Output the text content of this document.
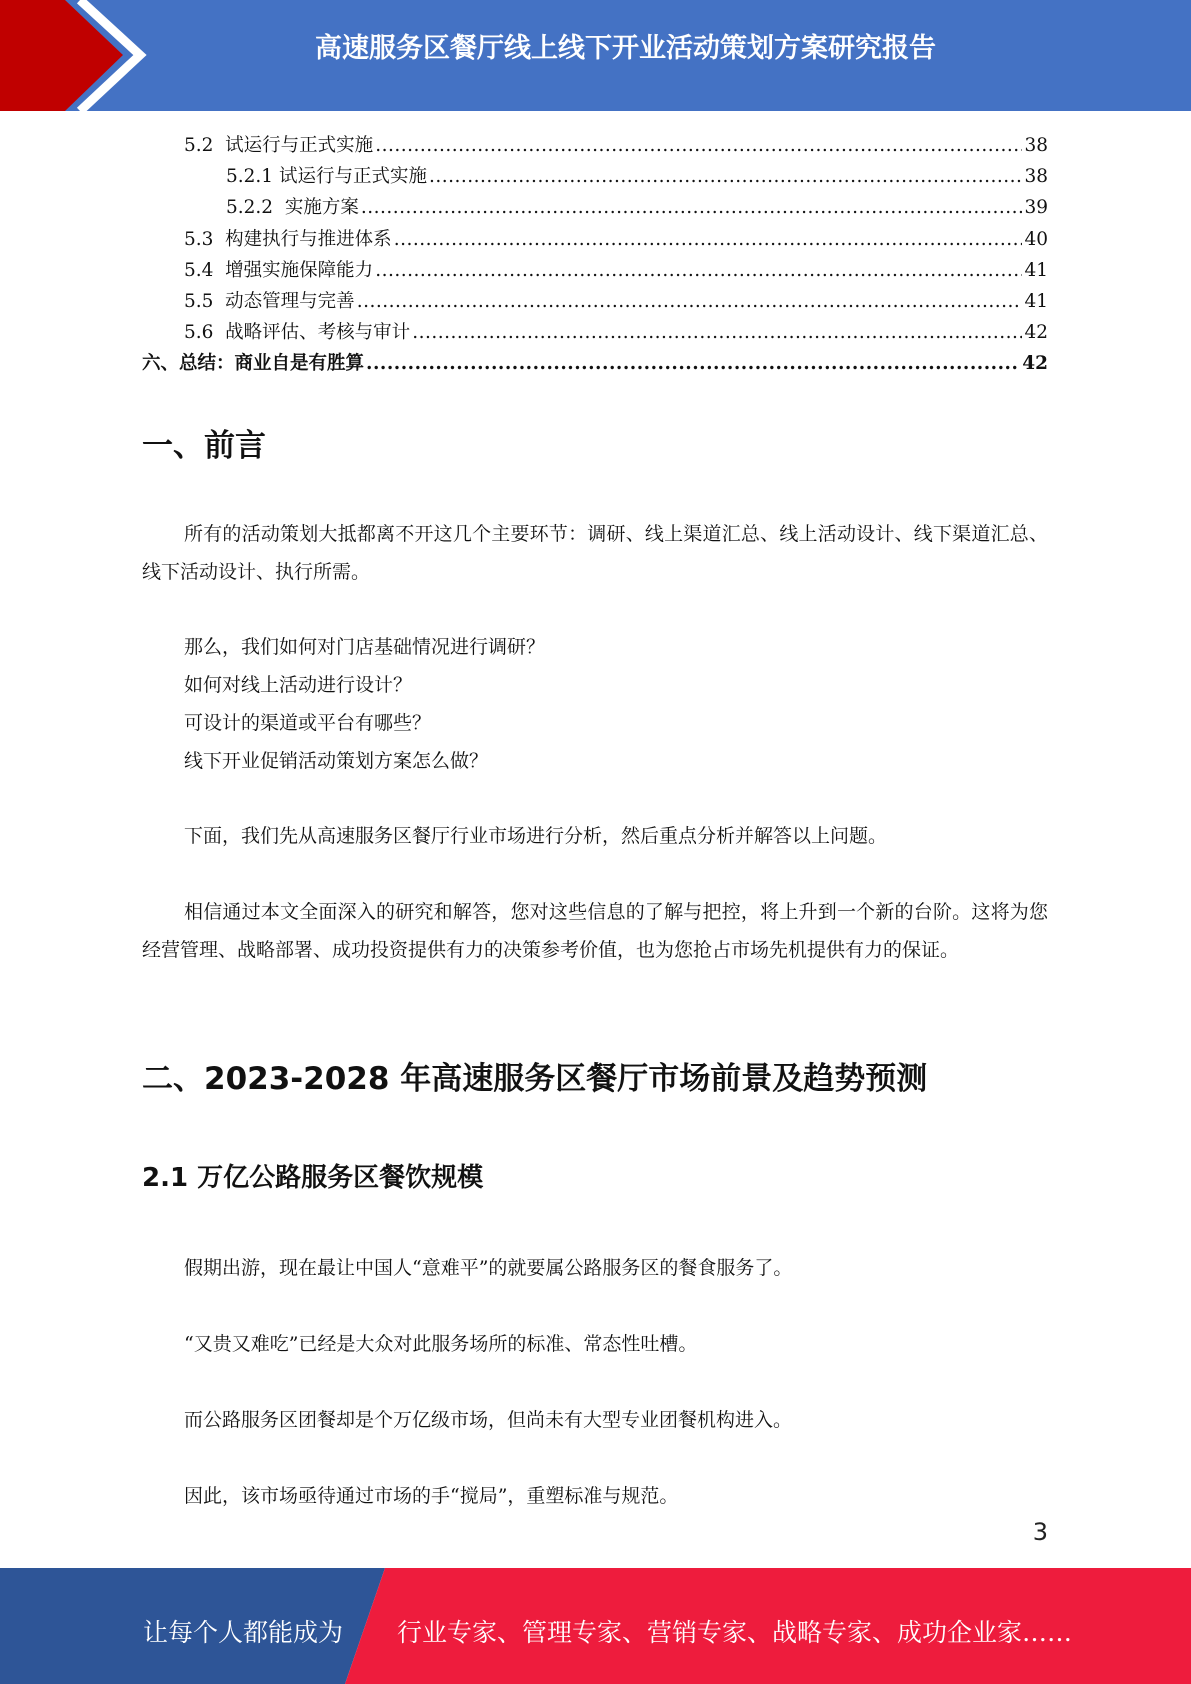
高速服务区餐厅线上线下开业活动策划方案研究报告
5.2  试运行与正式实施 .....	38
5.2.1 试运行与正式实施 .....	38
5.2.2  实施方案 .....	39
5.3  构建执行与推进体系 .....	40
5.4  增强实施保障能力 .....	41
5.5  动态管理与完善 .....	41
5.6  战略评估、考核与审计 .....	42
六、总结：商业自是有胜算 .....	42
一、前言

所有的活动策划大抵都离不开这几个主要环节：调研、线上渠道汇总、线上活动设计、线下渠道汇总、线下活动设计、执行所需。

那么，我们如何对门店基础情况进行调研？

如何对线上活动进行设计？

可设计的渠道或平台有哪些？

线下开业促销活动策划方案怎么做？

下面，我们先从高速服务区餐厅行业市场进行分析，然后重点分析并解答以上问题。

相信通过本文全面深入的研究和解答，您对这些信息的了解与把控，将上升到一个新的台阶。这将为您经营管理、战略部署、成功投资提供有力的决策参考价值，也为您抢占市场先机提供有力的保证。

二、2023-2028 年高速服务区餐厅市场前景及趋势预测
2.1 万亿公路服务区餐饮规模

假期出游，现在最让中国人“意难平”的就要属公路服务区的餐食服务了。

“又贵又难吃”已经是大众对此服务场所的标准、常态性吐槽。

而公路服务区团餐却是个万亿级市场，但尚未有大型专业团餐机构进入。

因此，该市场亟待通过市场的手“搅局”，重塑标准与规范。

3
让每个人都能成为 行业专家、管理专家、营销专家、战略专家、成功企业家……
